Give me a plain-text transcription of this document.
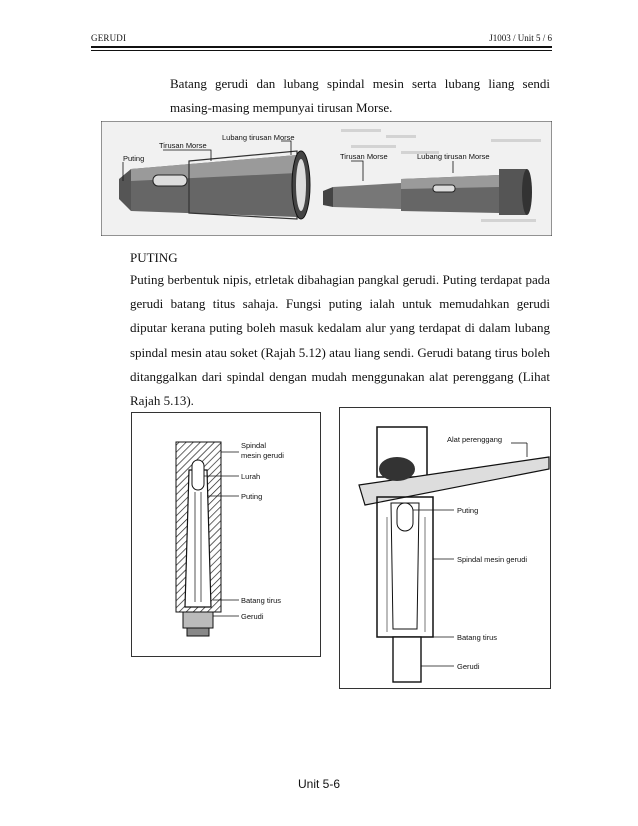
GERUDI	J1003 / Unit 5 / 6

Batang gerudi dan lubang spindal mesin serta lubang liang sendi masing-masing mempunyai tirusan Morse.

Puting
Tirusan Morse
Lubang tirusan Morse
Tirusan Morse	Lubang tirusan Morse
PUTING

Puting berbentuk nipis, etrletak dibahagian pangkal gerudi. Puting terdapat pada gerudi batang titus sahaja. Fungsi puting ialah untuk memudahkan gerudi diputar kerana puting boleh masuk kedalam alur yang terdapat di dalam lubang spindal mesin atau soket (Rajah 5.12) atau liang sendi. Gerudi batang tirus boleh ditanggalkan dari spindal dengan mudah menggunakan alat perenggang (Lihat Rajah 5.13).

Spindal
mesin gerudi
Lurah
Puting
Batang tirus
Gerudi
Alat perenggang
Puting
Spindal mesin gerudi
Batang tirus
Gerudi
Unit 5-6
